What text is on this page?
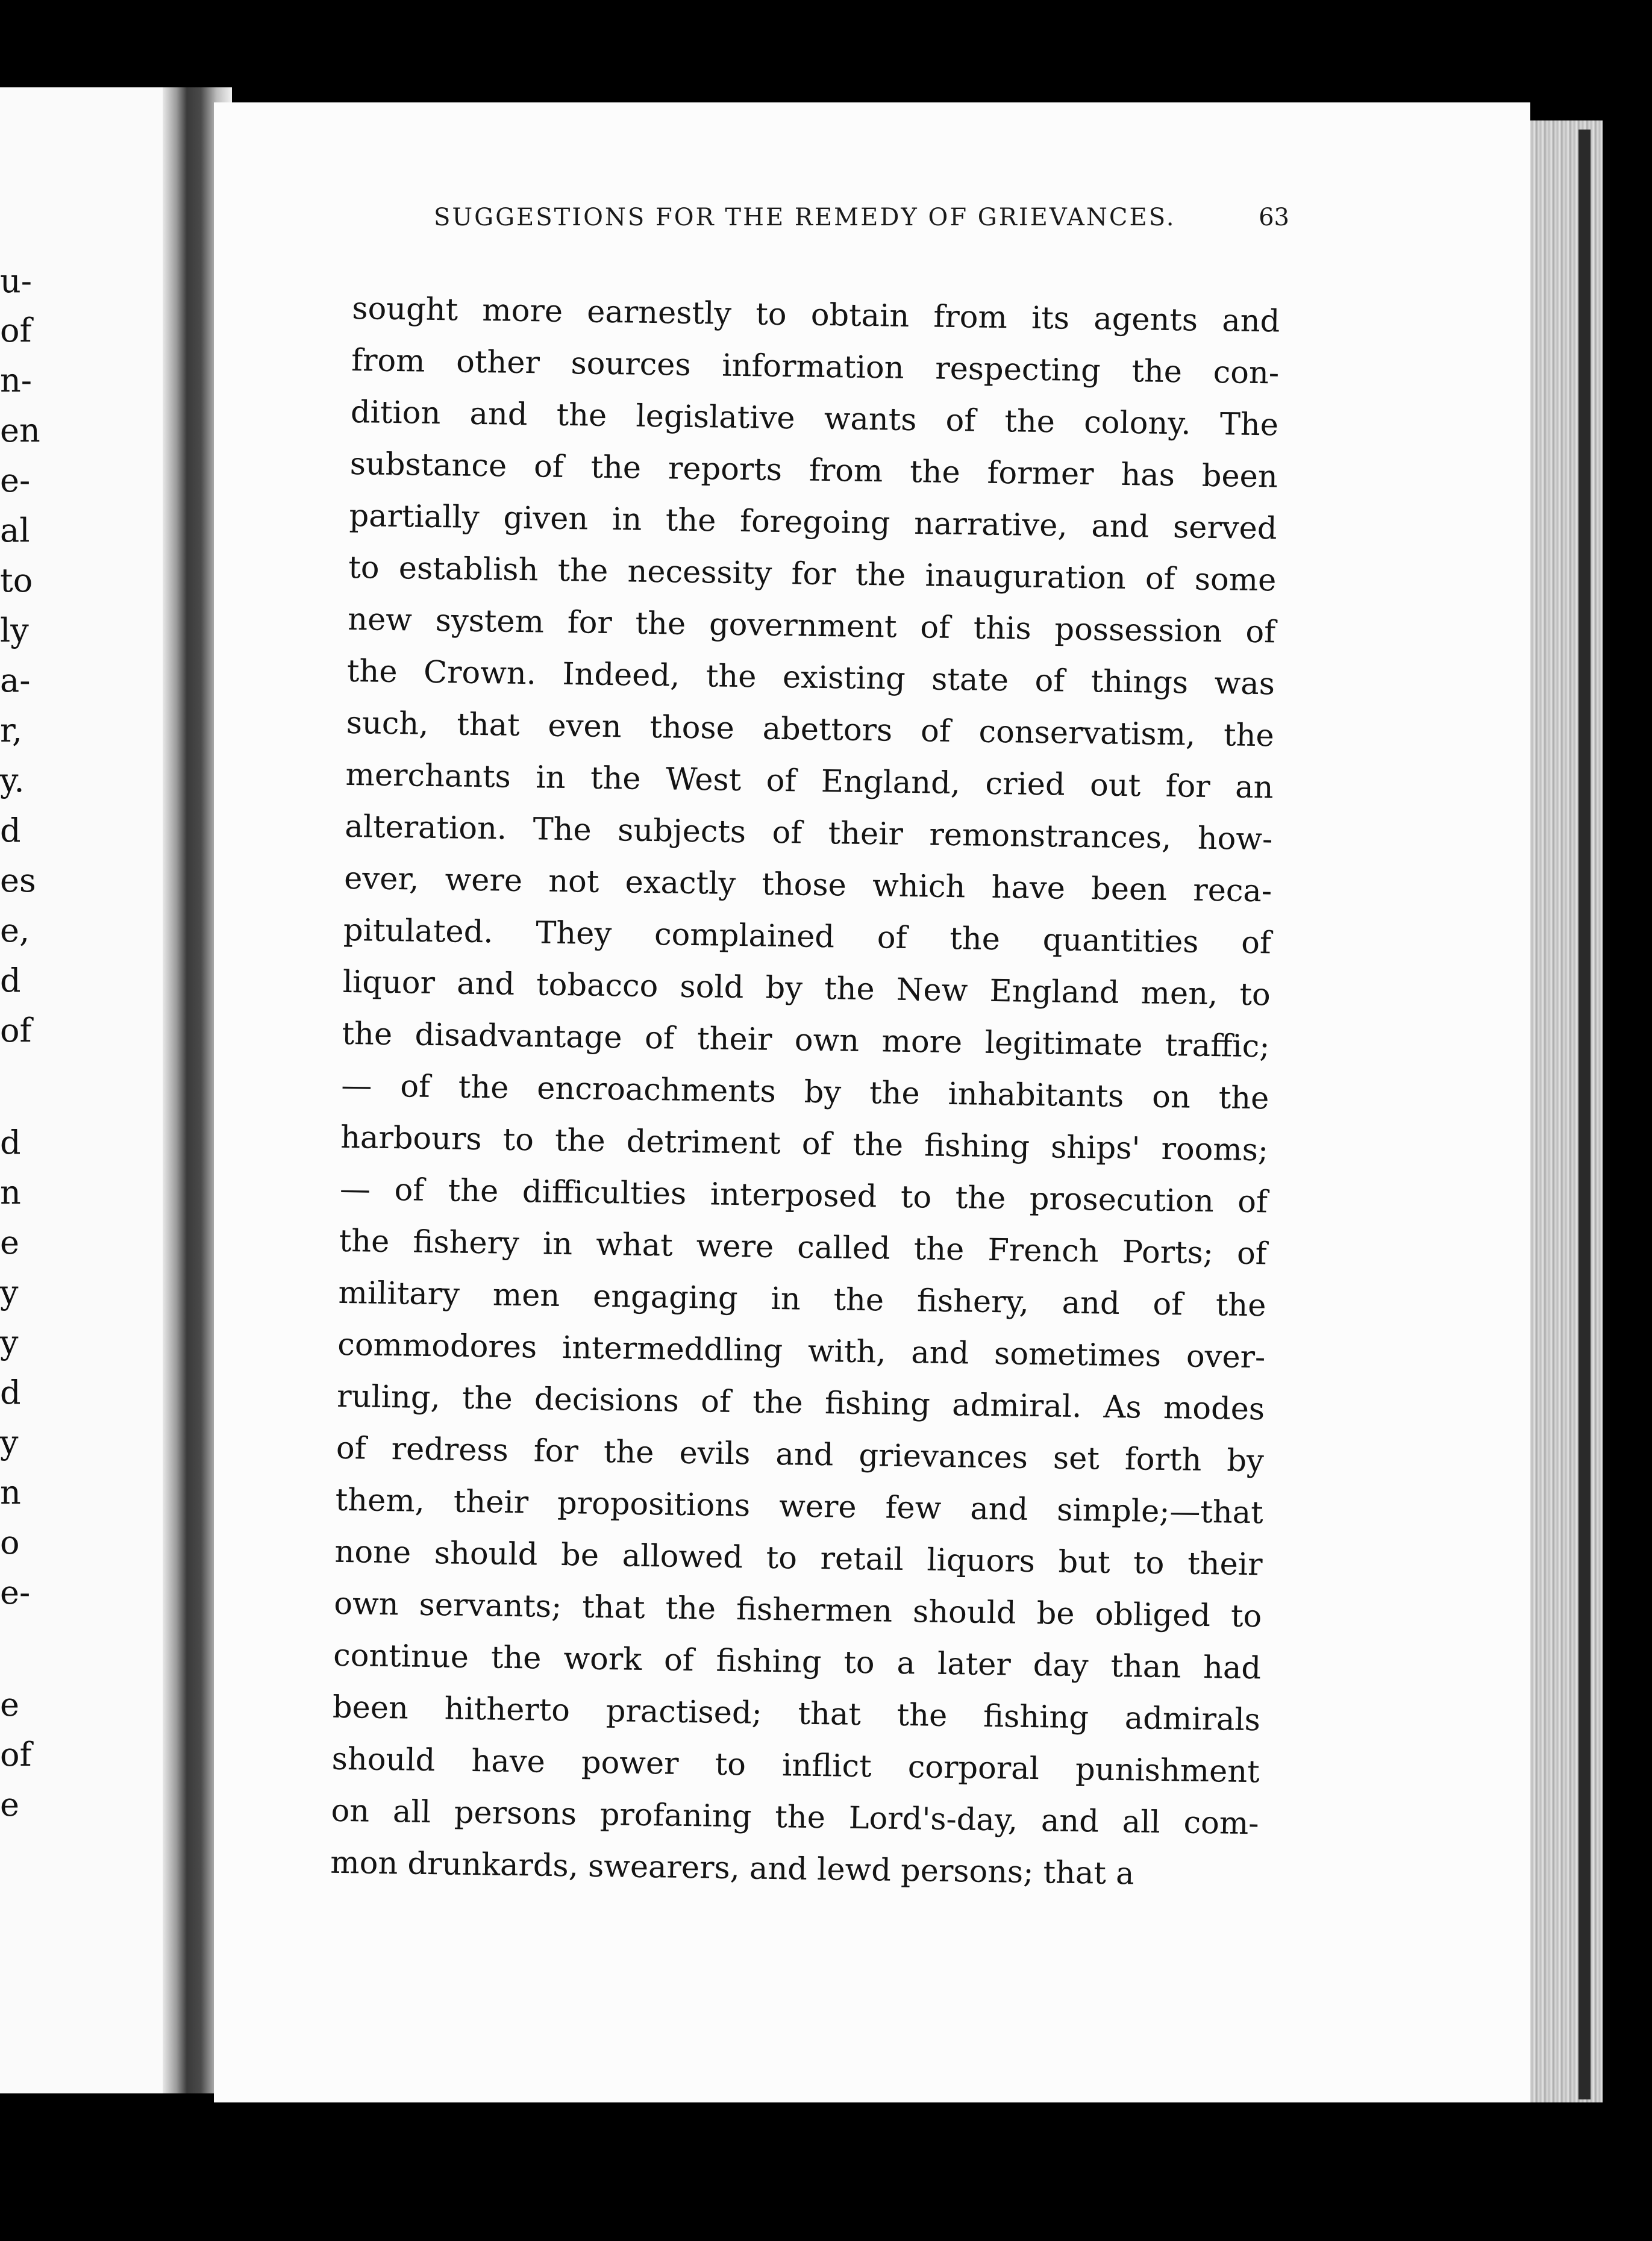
u-
of
n-
en
e-
al
to
ly
a-
r,
y.
d
es
e,
d
of
d
n
e
y
y
d
y
n
o
e-
e
of
e
SUGGESTIONS FOR THE REMEDY OF GRIEVANCES.	63
sought more earnestly to obtain from its agents and
from other sources information respecting the con-
dition and the legislative wants of the colony. The
substance of the reports from the former has been
partially given in the foregoing narrative, and served
to establish the necessity for the inauguration of some
new system for the government of this possession of
the Crown. Indeed, the existing state of things was
such, that even those abettors of conservatism, the
merchants in the West of England, cried out for an
alteration. The subjects of their remonstrances, how-
ever, were not exactly those which have been reca-
pitulated. They complained of the quantities of
liquor and tobacco sold by the New England men, to
the disadvantage of their own more legitimate traffic;
— of the encroachments by the inhabitants on the
harbours to the detriment of the fishing ships' rooms;
— of the difficulties interposed to the prosecution of
the fishery in what were called the French Ports; of
military men engaging in the fishery, and of the
commodores intermeddling with, and sometimes over-
ruling, the decisions of the fishing admiral. As modes
of redress for the evils and grievances set forth by
them, their propositions were few and simple;—that
none should be allowed to retail liquors but to their
own servants; that the fishermen should be obliged to
continue the work of fishing to a later day than had
been hitherto practised; that the fishing admirals
should have power to inflict corporal punishment
on all persons profaning the Lord's-day, and all com-
mon drunkards, swearers, and lewd persons; that a
